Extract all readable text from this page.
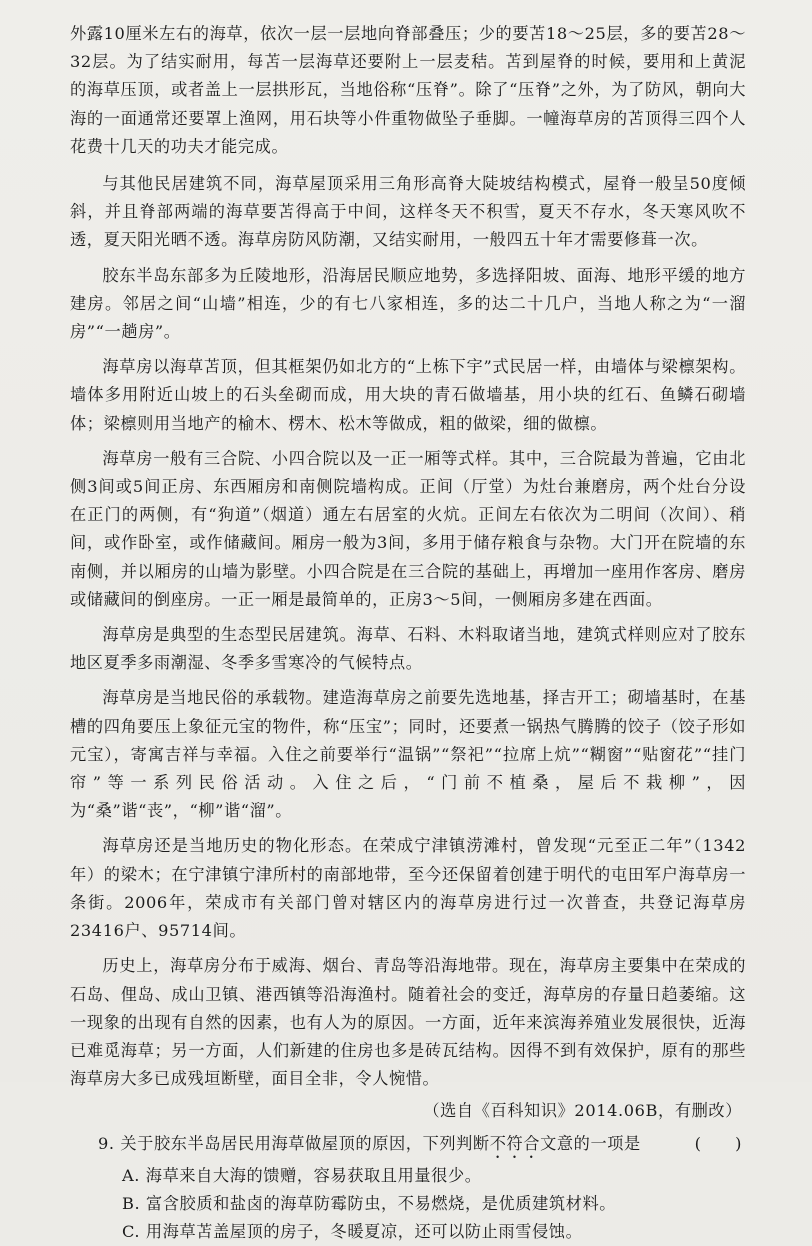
外露10厘米左右的海草，依次一层一层地向脊部叠压；少的要苫18～25层，多的要苫28～32层。为了结实耐用，每苫一层海草还要附上一层麦秸。苫到屋脊的时候，要用和上黄泥的海草压顶，或者盖上一层拱形瓦，当地俗称“压脊”。除了“压脊”之外，为了防风，朝向大海的一面通常还要罩上渔网，用石块等小件重物做坠子垂脚。一幢海草房的苫顶得三四个人花费十几天的功夫才能完成。

与其他民居建筑不同，海草屋顶采用三角形高脊大陡坡结构模式，屋脊一般呈50度倾斜，并且脊部两端的海草要苫得高于中间，这样冬天不积雪，夏天不存水，冬天寒风吹不透，夏天阳光晒不透。海草房防风防潮，又结实耐用，一般四五十年才需要修葺一次。

胶东半岛东部多为丘陵地形，沿海居民顺应地势，多选择阳坡、面海、地形平缓的地方建房。邻居之间“山墙”相连，少的有七八家相连，多的达二十几户，当地人称之为“一溜房”“一趟房”。

海草房以海草苫顶，但其框架仍如北方的“上栋下宇”式民居一样，由墙体与梁檩架构。墙体多用附近山坡上的石头垒砌而成，用大块的青石做墙基，用小块的红石、鱼鳞石砌墙体；梁檩则用当地产的榆木、楞木、松木等做成，粗的做梁，细的做檩。

海草房一般有三合院、小四合院以及一正一厢等式样。其中，三合院最为普遍，它由北侧3间或5间正房、东西厢房和南侧院墙构成。正间（厅堂）为灶台兼磨房，两个灶台分设在正门的两侧，有“狗道”（烟道）通左右居室的火炕。正间左右依次为二明间（次间）、稍间，或作卧室，或作储藏间。厢房一般为3间，多用于储存粮食与杂物。大门开在院墙的东南侧，并以厢房的山墙为影壁。小四合院是在三合院的基础上，再增加一座用作客房、磨房或储藏间的倒座房。一正一厢是最简单的，正房3～5间，一侧厢房多建在西面。

海草房是典型的生态型民居建筑。海草、石料、木料取诸当地，建筑式样则应对了胶东地区夏季多雨潮湿、冬季多雪寒冷的气候特点。

海草房是当地民俗的承载物。建造海草房之前要先选地基，择吉开工；砌墙基时，在基槽的四角要压上象征元宝的物件，称“压宝”；同时，还要煮一锅热气腾腾的饺子（饺子形如元宝），寄寓吉祥与幸福。入住之前要举行“温锅”“祭祀”“拉席上炕”“糊窗”“贴窗花”“挂门帘”等一系列民俗活动。入住之后，“门前不植桑，屋后不栽柳”，因为“桑”谐“丧”，“柳”谐“溜”。

海草房还是当地历史的物化形态。在荣成宁津镇涝滩村，曾发现“元至正二年”（1342年）的梁木；在宁津镇宁津所村的南部地带，至今还保留着创建于明代的屯田军户海草房一条街。2006年，荣成市有关部门曾对辖区内的海草房进行过一次普查，共登记海草房23416户、95714间。

历史上，海草房分布于威海、烟台、青岛等沿海地带。现在，海草房主要集中在荣成的石岛、俚岛、成山卫镇、港西镇等沿海渔村。随着社会的变迁，海草房的存量日趋萎缩。这一现象的出现有自然的因素，也有人为的原因。一方面，近年来滨海养殖业发展很快，近海已难觅海草；另一方面，人们新建的住房也多是砖瓦结构。因得不到有效保护，原有的那些海草房大多已成残垣断壁，面目全非，令人惋惜。

（选自《百科知识》2014.06B，有删改）

9. 关于胶东半岛居民用海草做屋顶的原因，下列判断不符合文意的一项是	(　　)

A. 海草来自大海的馈赠，容易获取且用量很少。

B. 富含胶质和盐卤的海草防霉防虫，不易燃烧，是优质建筑材料。

C. 用海草苫盖屋顶的房子，冬暖夏凉，还可以防止雨雪侵蚀。
